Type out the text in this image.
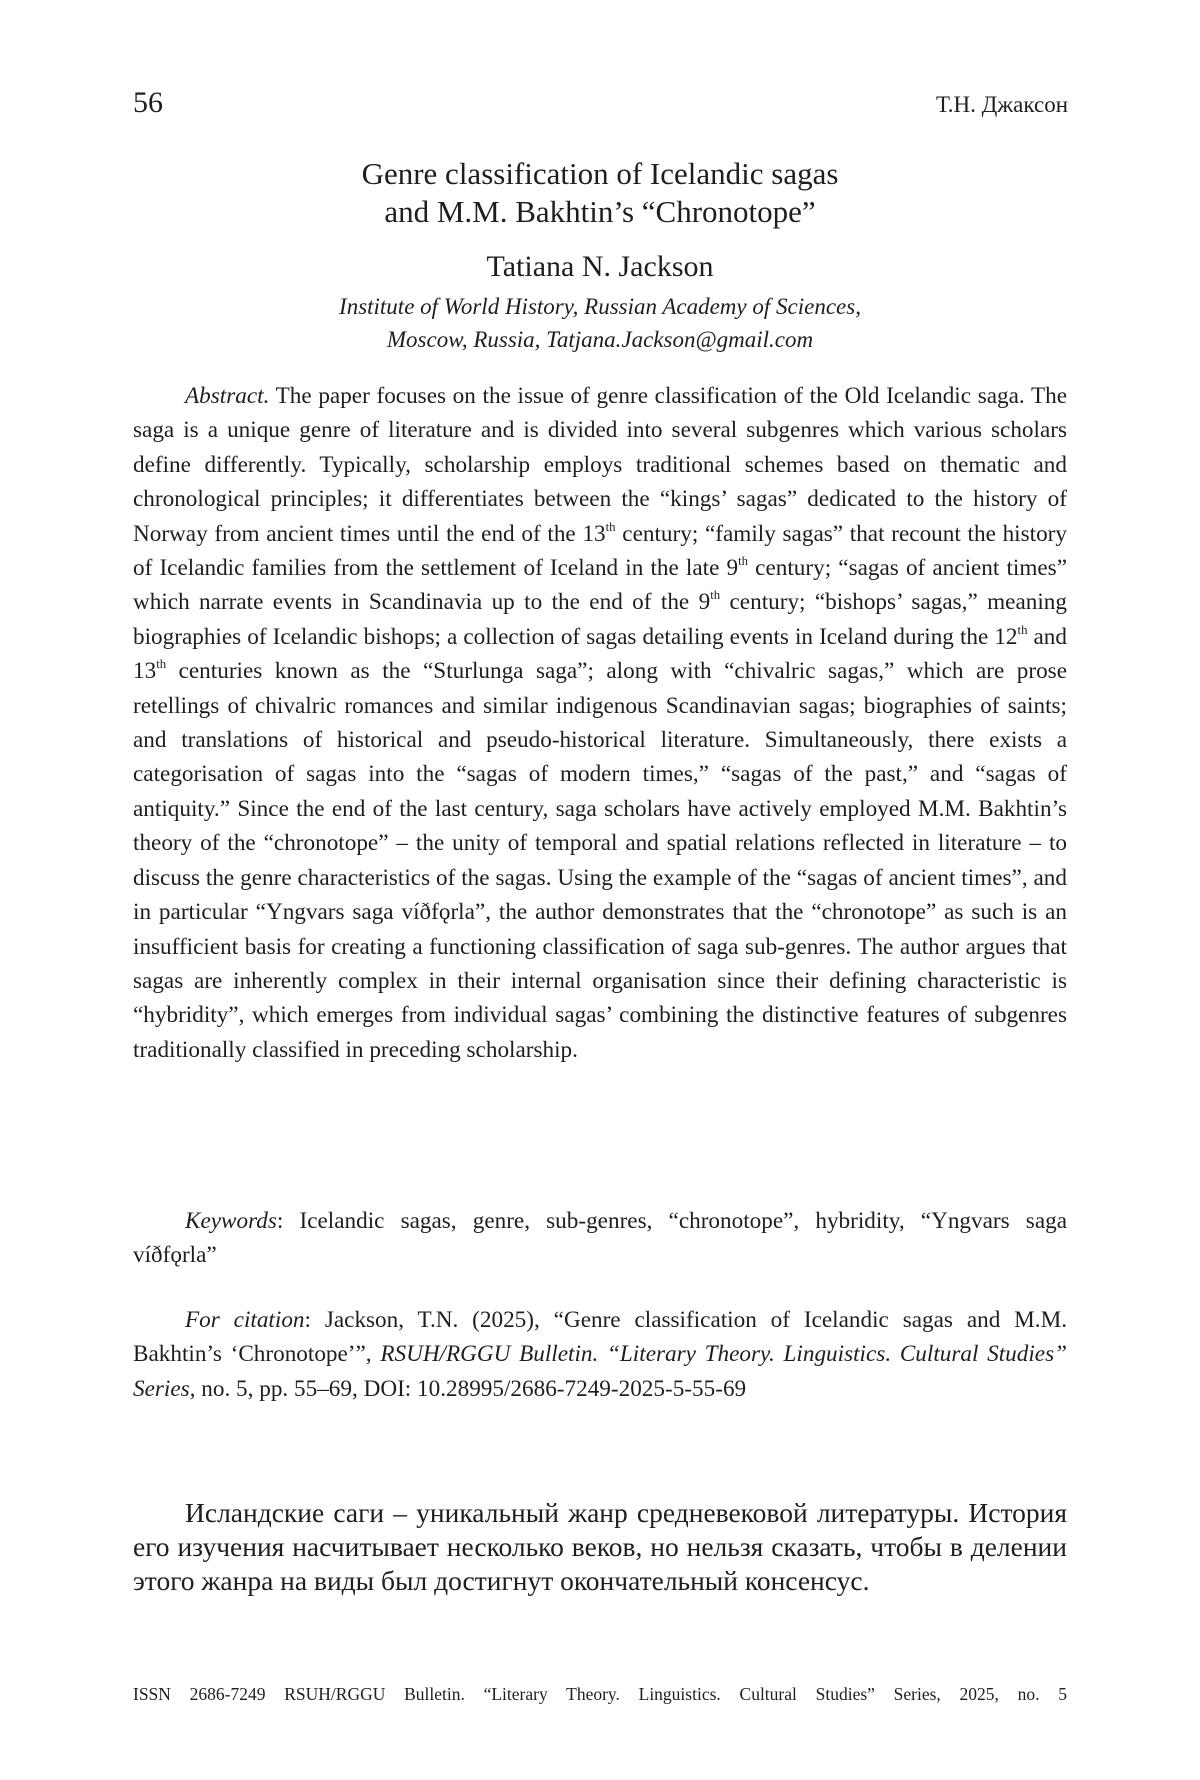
56	Т.Н. Джаксон
Genre classification of Icelandic sagas
and M.M. Bakhtin’s “Chronotope”
Tatiana N. Jackson
Institute of World History, Russian Academy of Sciences,
Moscow, Russia, Tatjana.Jackson@gmail.com

Abstract. The paper focuses on the issue of genre classification of the Old Icelandic saga. The saga is a unique genre of literature and is divided into several subgenres which various scholars define differently. Typically, scholarship employs traditional schemes based on thematic and chronological principles; it differentiates between the “kings’ sagas” dedicated to the history of Norway from ancient times until the end of the 13th century; “family sagas” that recount the history of Icelandic families from the settlement of Iceland in the late 9th century; “sagas of ancient times” which narrate events in Scandinavia up to the end of the 9th century; “bishops’ sagas,” meaning biographies of Icelandic bishops; a collection of sagas detailing events in Iceland during the 12th and 13th centuries known as the “Sturlunga saga”; along with “chivalric sagas,” which are prose retellings of chivalric romances and similar indigenous Scandinavian sagas; biographies of saints; and translations of historical and pseudo-historical literature. Simultaneously, there exists a categorisation of sagas into the “sagas of modern times,” “sagas of the past,” and “sagas of antiquity.” Since the end of the last century, saga scholars have actively employed M.M. Bakhtin’s theory of the “chronotope” – the unity of temporal and spatial relations reflected in literature – to discuss the genre characteristics of the sagas. Using the example of the “sagas of ancient times”, and in particular “Yngvars saga víðfǫrla”, the author demonstrates that the “chronotope” as such is an insufficient basis for creating a functioning classification of saga sub-genres. The author argues that sagas are inherently complex in their internal organisation since their defining characteristic is “hybridity”, which emerges from individual sagas’ combining the distinctive features of subgenres traditionally classified in preceding scholarship.

Keywords: Icelandic sagas, genre, sub-genres, “chronotope”, hybridity, “Yngvars saga víðfǫrla”

For citation: Jackson, T.N. (2025), “Genre classification of Icelandic sagas and M.M. Bakhtin’s ‘Chronotope’”, RSUH/RGGU Bulletin. “Literary Theory. Linguistics. Cultural Studies” Series, no. 5, pp. 55–69, DOI: 10.28995/2686-7249-2025-5-55-69

Исландские саги – уникальный жанр средневековой литературы. История его изучения насчитывает несколько веков, но нельзя сказать, чтобы в делении этого жанра на виды был достигнут окончательный консенсус.

ISSN 2686-7249 RSUH/RGGU Bulletin. “Literary Theory. Linguistics. Cultural Studies” Series, 2025, no. 5
